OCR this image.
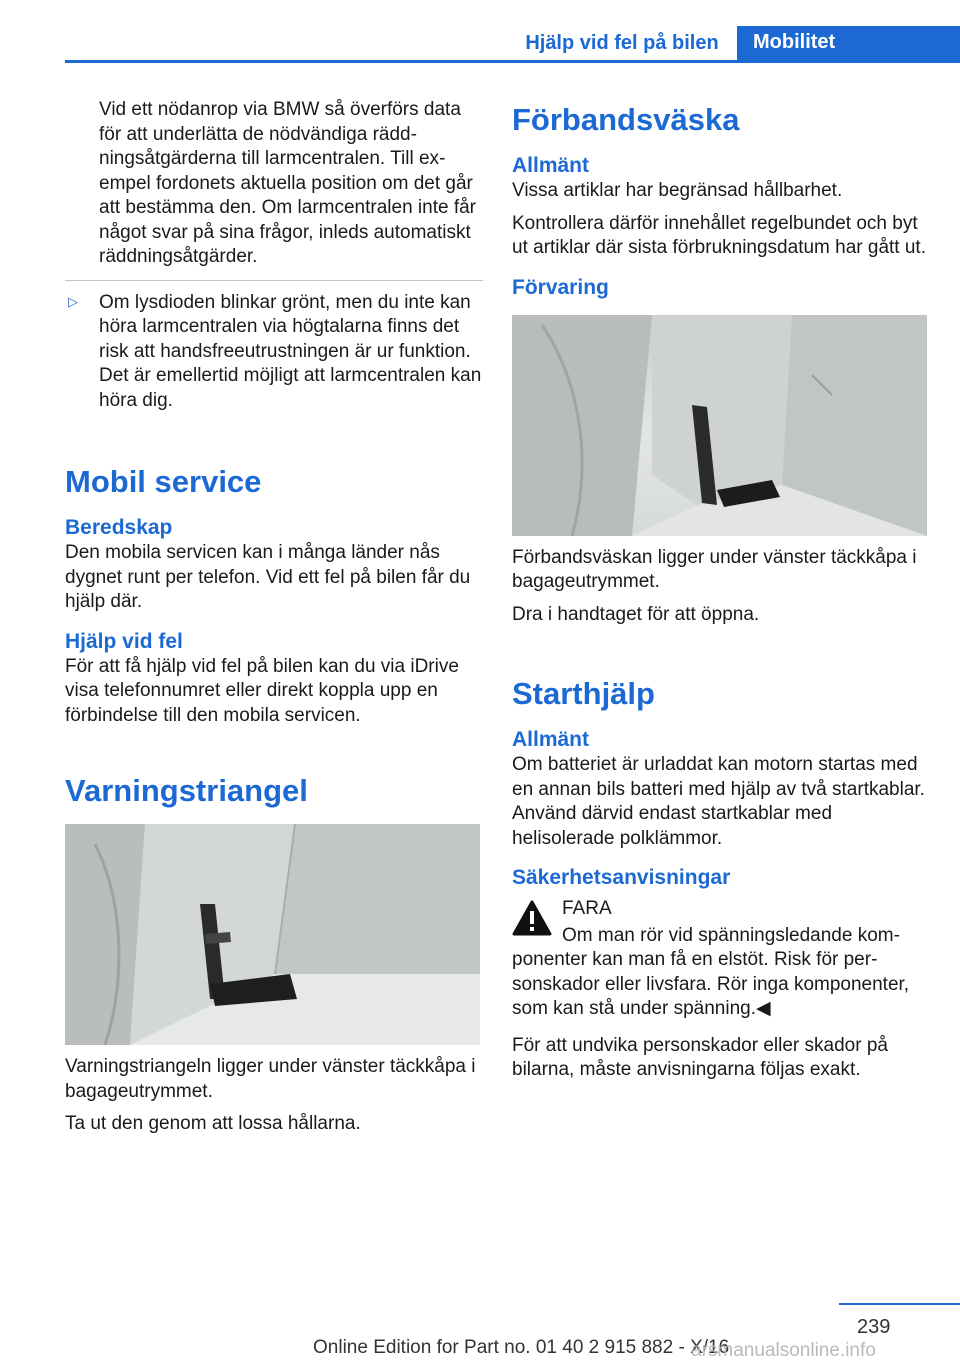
Hjälp vid fel på bilen	Mobilitet

Vid ett nödanrop via BMW så överförs data för att underlätta de nödvändiga räddningsåtgärderna till larmcentralen. Till exempel fordonets aktuella position om det går att bestämma den. Om larmcentralen inte får något svar på sina frågor, inleds automatiskt räddningsåtgärder.

▷ Om lysdioden blinkar grönt, men du inte kan höra larmcentralen via högtalarna finns det risk att handsfreeutrustningen är ur funktion. Det är emellertid möjligt att larmcentralen kan höra dig.

Mobil service
Beredskap

Den mobila servicen kan i många länder nås dygnet runt per telefon. Vid ett fel på bilen får du hjälp där.

Hjälp vid fel

För att få hjälp vid fel på bilen kan du via iDrive visa telefonnumret eller direkt koppla upp en förbindelse till den mobila servicen.

Varningstriangel

Varningstriangeln ligger under vänster täckkåpa i bagageutrymmet.

Ta ut den genom att lossa hållarna.

Förbandsväska
Allmänt

Vissa artiklar har begränsad hållbarhet.

Kontrollera därför innehållet regelbundet och byt ut artiklar där sista förbrukningsdatum har gått ut.

Förvaring

Förbandsväskan ligger under vänster täckkåpa i bagageutrymmet.

Dra i handtaget för att öppna.

Starthjälp
Allmänt

Om batteriet är urladdat kan motorn startas med en annan bils batteri med hjälp av två startkablar. Använd därvid endast startkablar med helisolerade polklämmor.

Säkerhetsanvisningar

FARA

Om man rör vid spänningsledande komponenter kan man få en elstöt. Risk för personskador eller livsfara. Rör inga komponenter, som kan stå under spänning.◀

För att undvika personskador eller skador på bilarna, måste anvisningarna följas exakt.

239
Online Edition for Part no. 01 40 2 915 882 - X/16
arsmanualsonline.info
